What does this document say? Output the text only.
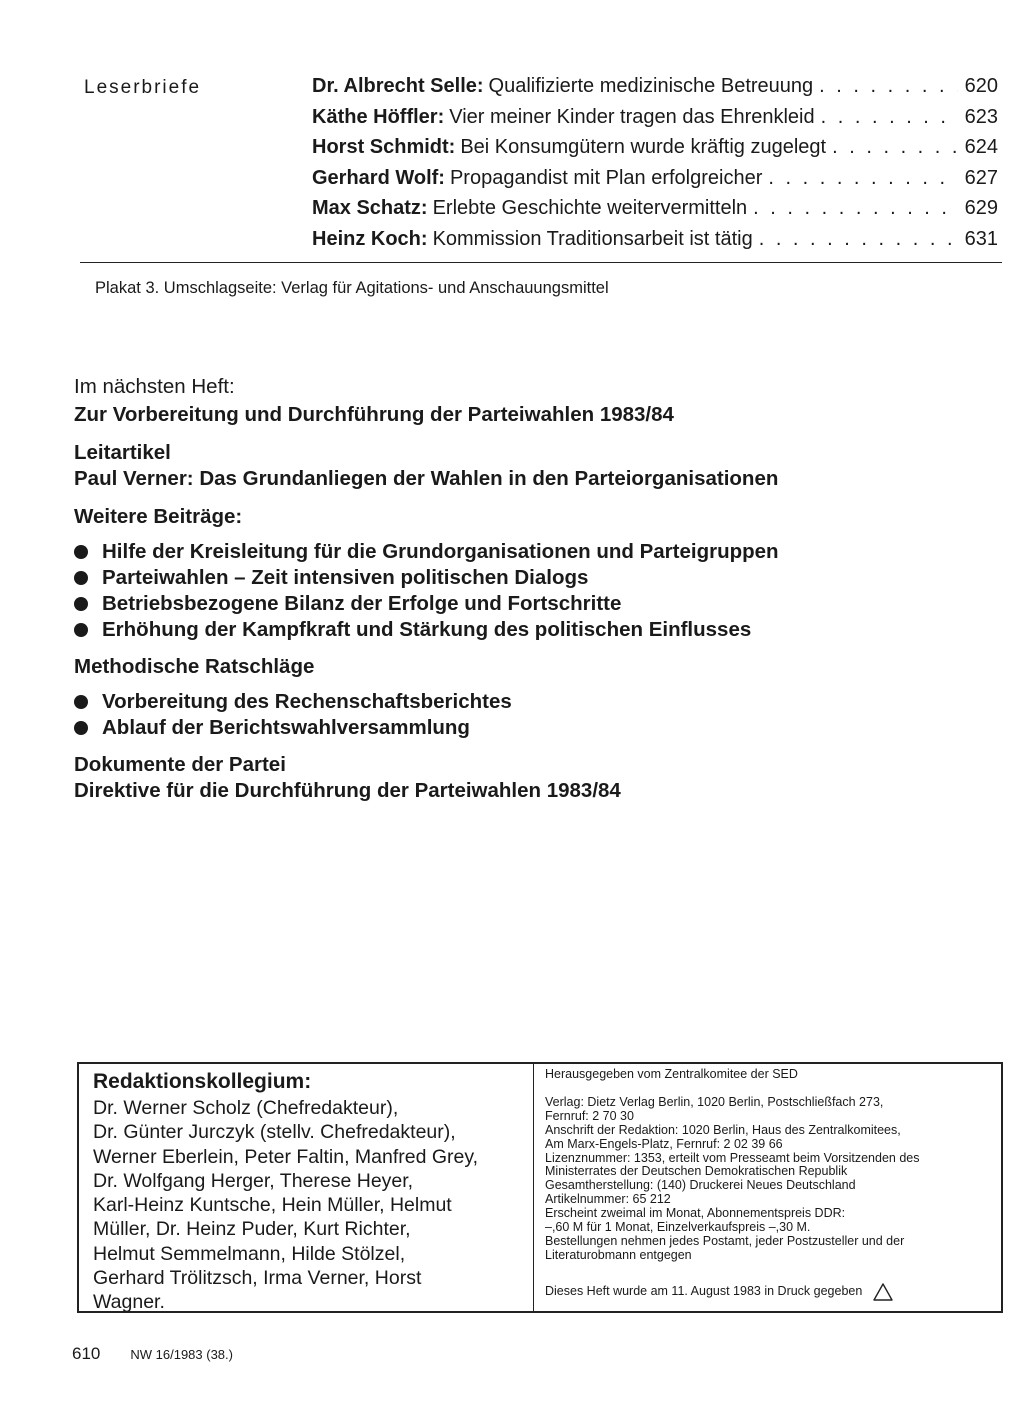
Leserbriefe	Dr. Albrecht Selle: Qualifizierte medizinische Betreuung . . .	620
Käthe Höffler: Vier meiner Kinder tragen das Ehrenkleid . . .	623
Horst Schmidt: Bei Konsumgütern wurde kräftig zugelegt . . .	624
Gerhard Wolf: Propagandist mit Plan erfolgreicher . . .	627
Max Schatz: Erlebte Geschichte weitervermitteln . . .	629
Heinz Koch: Kommission Traditionsarbeit ist tätig . . .	631
Plakat 3. Umschlagseite: Verlag für Agitations- und Anschauungsmittel

Im nächsten Heft:

Zur Vorbereitung und Durchführung der Parteiwahlen 1983/84

Leitartikel

Paul Verner: Das Grundanliegen der Wahlen in den Parteiorganisationen

Weitere Beiträge:

Hilfe der Kreisleitung für die Grundorganisationen und Parteigruppen
Parteiwahlen – Zeit intensiven politischen Dialogs
Betriebsbezogene Bilanz der Erfolge und Fortschritte
Erhöhung der Kampfkraft und Stärkung des politischen Einflusses

Methodische Ratschläge

Vorbereitung des Rechenschaftsberichtes
Ablauf der Berichtswahlversammlung

Dokumente der Partei

Direktive für die Durchführung der Parteiwahlen 1983/84

Redaktionskollegium:

Dr. Werner Scholz (Chefredakteur),
Dr. Günter Jurczyk (stellv. Chefredakteur),
Werner Eberlein, Peter Faltin, Manfred Grey,
Dr. Wolfgang Herger, Therese Heyer,
Karl-Heinz Kuntsche, Hein Müller, Helmut
Müller, Dr. Heinz Puder, Kurt Richter,
Helmut Semmelmann, Hilde Stölzel,
Gerhard Trölitzsch, Irma Verner, Horst
Wagner.

Herausgegeben vom Zentralkomitee der SED

Verlag: Dietz Verlag Berlin, 1020 Berlin, Postschließfach 273,

Fernruf: 2 70 30

Anschrift der Redaktion: 1020 Berlin, Haus des Zentralkomitees,

Am Marx-Engels-Platz, Fernruf: 2 02 39 66

Lizenznummer: 1353, erteilt vom Presseamt beim Vorsitzenden des

Ministerrates der Deutschen Demokratischen Republik

Gesamtherstellung: (140) Druckerei Neues Deutschland

Artikelnummer: 65 212

Erscheint zweimal im Monat, Abonnementspreis DDR:

–,60 M für 1 Monat, Einzelverkaufspreis –,30 M.

Bestellungen nehmen jedes Postamt, jeder Postzusteller und der

Literaturobmann entgegen

Dieses Heft wurde am 11. August 1983 in Druck gegeben
610 NW 16/1983 (38.)
